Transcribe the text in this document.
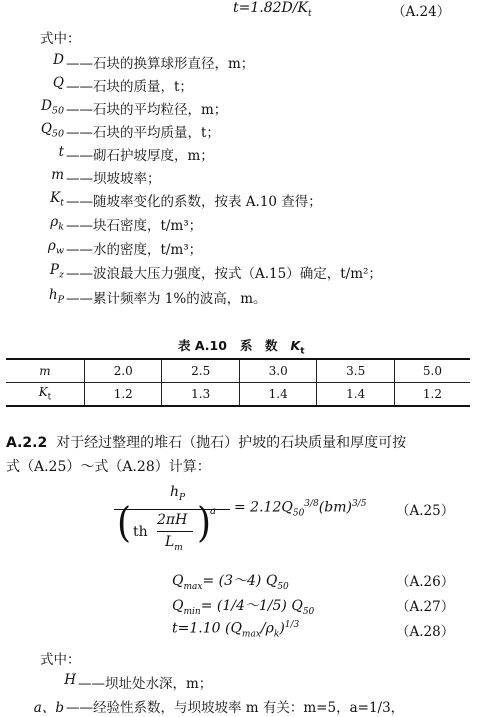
$t=1.82D/K_t$	（A.24）
式中：
D ——石块的换算球形直径，m；
Q ——石块的质量，t；
$D_{50}$ ——石块的平均粒径，m；
$Q_{50}$ ——石块的平均质量，t；
t ——砌石护坡厚度，m；
m ——坝坡坡率；
$K_t$ ——随坡率变化的系数，按表 A.10 查得；
$\rho_k$ ——块石密度，t/m³；
$\rho_w$ ——水的密度，t/m³；
$P_z$ ——波浪最大压力强度，按式（A.15）确定，t/m²；
$h_P$ ——累计频率为 1%的波高，m。
表 A.10 系　数 $K_t$
m	2.0	2.5	3.0	3.5	5.0
$K_t$	1.2	1.3	1.4	1.4	1.2
A.2.2 对于经过整理的堆石（抛石）护坡的石块质量和厚度可按
式（A.25）～式（A.28）计算：
$h_P$
( th
2πH
$L_m$
)
$a = 2.12Q_{50}^{3/8}(bm)^{3/5}$ （A.25）
$Q_{max}=$ (3～4) $Q_{50}$	（A.26）
$Q_{min}=$ (1/4～1/5) $Q_{50}$	（A.27）
t=1.10 $(Q_{max}/\rho_k)^{1/3}$	（A.28）
式中：
H ——坝址处水深，m；
a、b ——经验性系数，与坝坡坡率 m 有关：m=5，a=1/3，
